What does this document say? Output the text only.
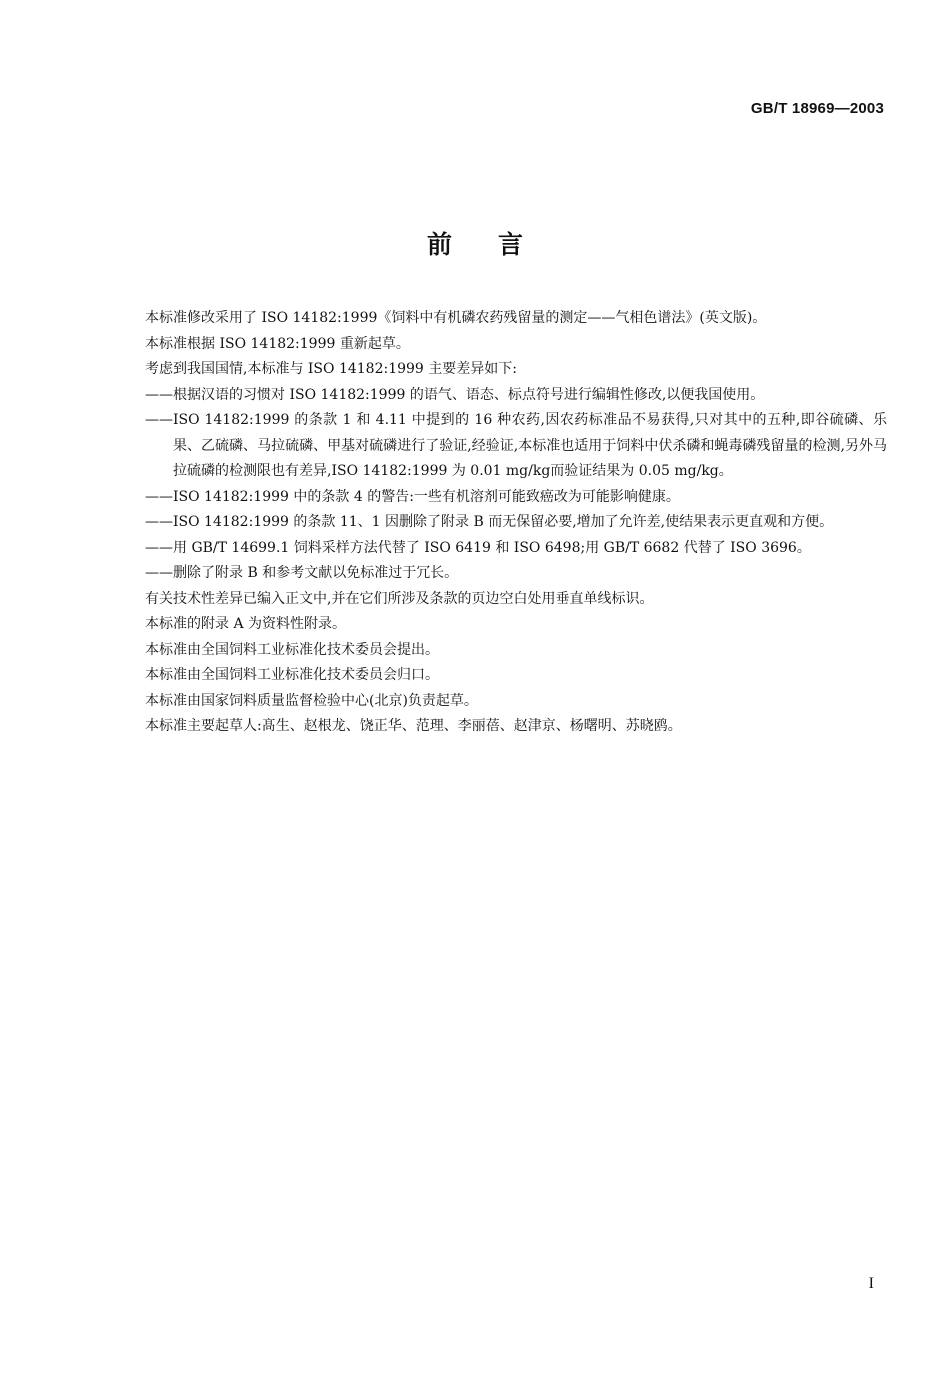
GB/T 18969—2003
前言

本标准修改采用了 ISO 14182:1999《饲料中有机磷农药残留量的测定——气相色谱法》(英文版)。

本标准根据 ISO 14182:1999 重新起草。

考虑到我国国情,本标准与 ISO 14182:1999 主要差异如下:

——根据汉语的习惯对 ISO 14182:1999 的语气、语态、标点符号进行编辑性修改,以便我国使用。

——ISO 14182:1999 的条款 1 和 4.11 中提到的 16 种农药,因农药标准品不易获得,只对其中的五种,即谷硫磷、乐果、乙硫磷、马拉硫磷、甲基对硫磷进行了验证,经验证,本标准也适用于饲料中伏杀磷和蝇毒磷残留量的检测,另外马拉硫磷的检测限也有差异,ISO 14182:1999 为 0.01 mg/kg而验证结果为 0.05 mg/kg。

——ISO 14182:1999 中的条款 4 的警告:一些有机溶剂可能致癌改为可能影响健康。

——ISO 14182:1999 的条款 11、1 因删除了附录 B 而无保留必要,增加了允许差,使结果表示更直观和方便。

——用 GB/T 14699.1 饲料采样方法代替了 ISO 6419 和 ISO 6498;用 GB/T 6682 代替了 ISO 3696。

——删除了附录 B 和参考文献以免标准过于冗长。

有关技术性差异已编入正文中,并在它们所涉及条款的页边空白处用垂直单线标识。

本标准的附录 A 为资料性附录。

本标准由全国饲料工业标准化技术委员会提出。

本标准由全国饲料工业标准化技术委员会归口。

本标准由国家饲料质量监督检验中心(北京)负责起草。

本标准主要起草人:髙生、赵根龙、饶正华、范理、李丽蓓、赵津京、杨曙明、苏晓鸥。

I
